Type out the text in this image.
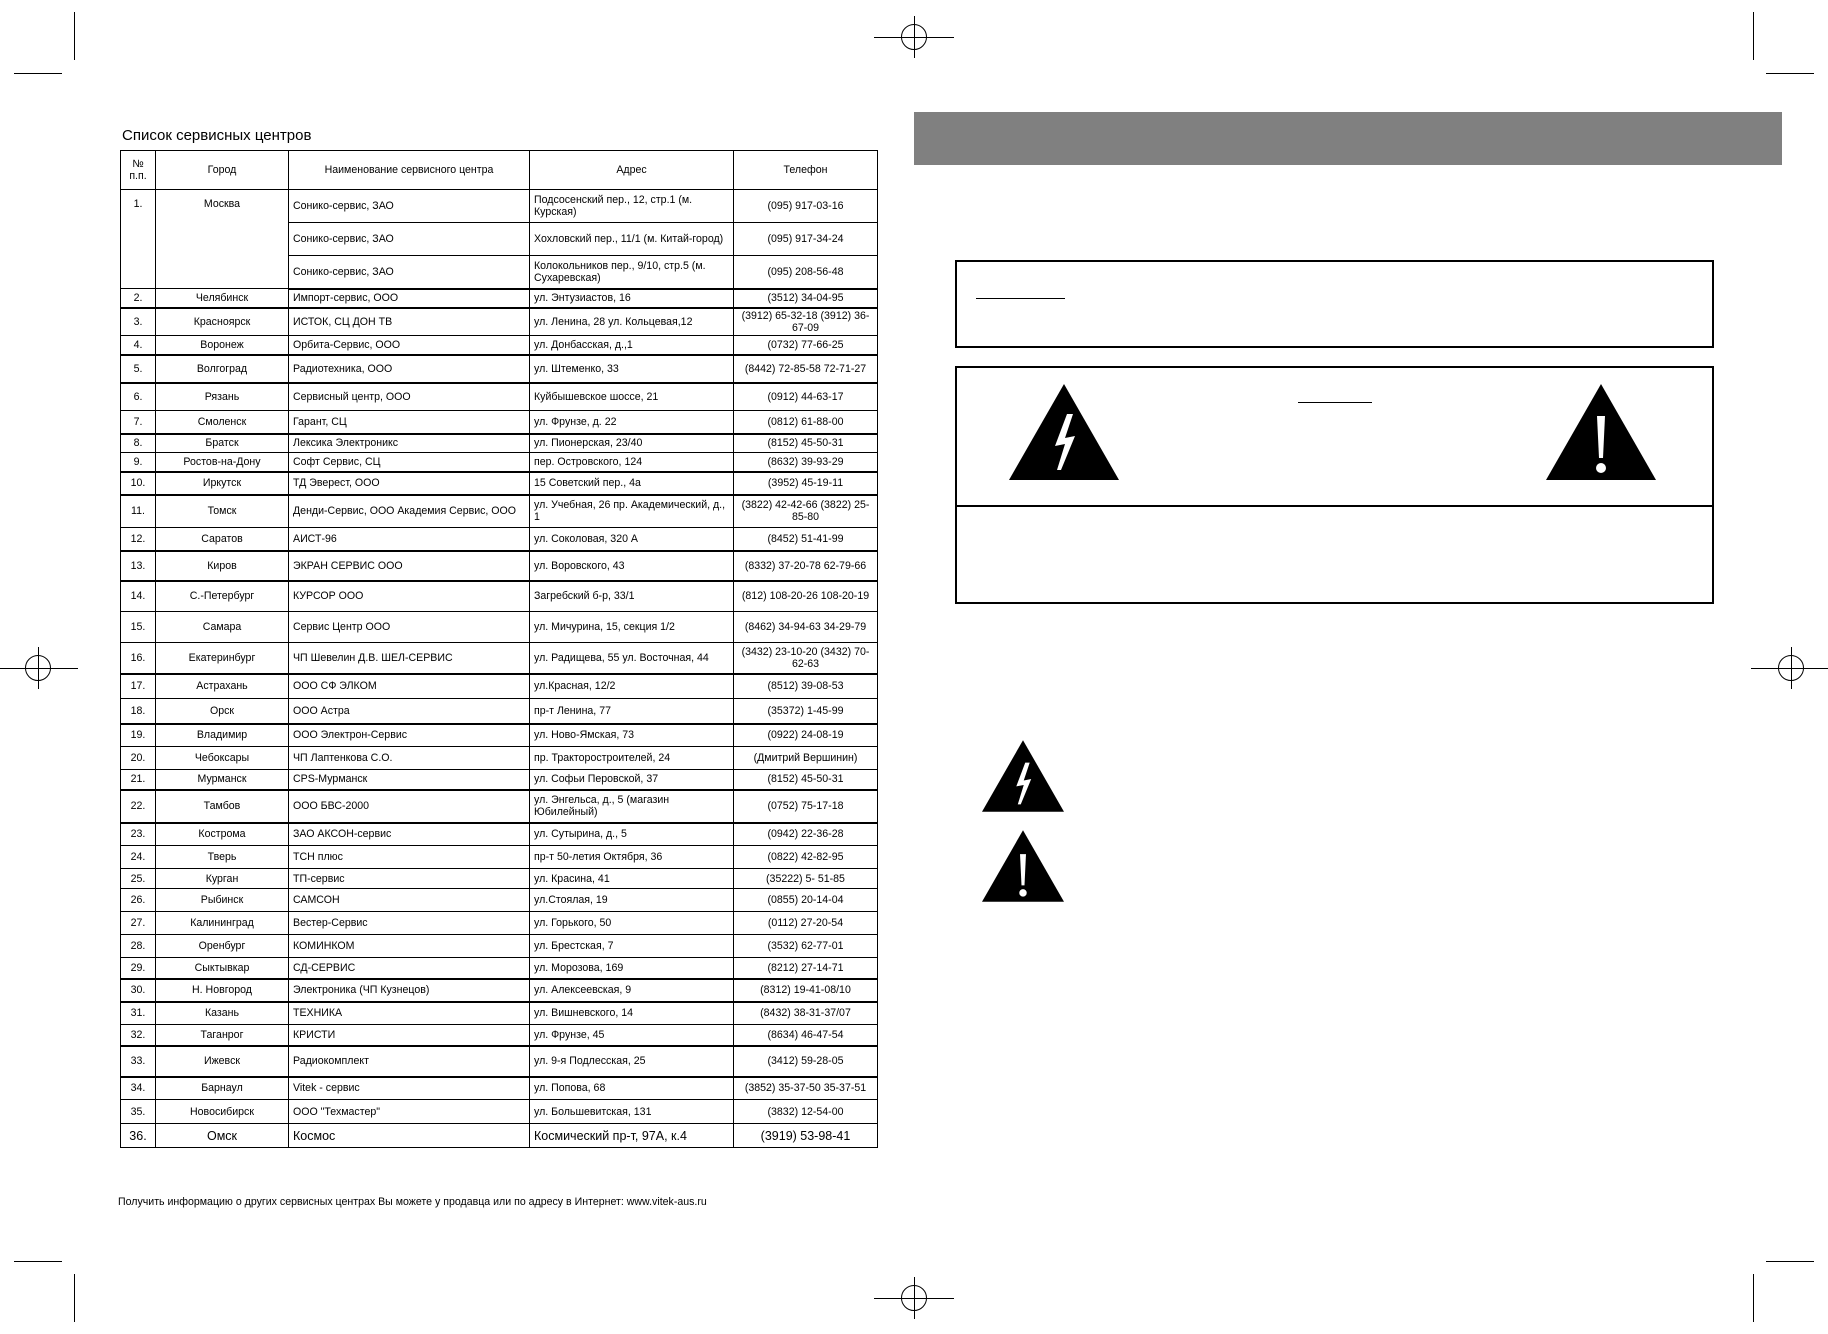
Список сервисных центров
№ п.п.	Город	Наименование сервисного центра	Адрес	Телефон
1.	Москва	Сонико-сервис, ЗАО	Подсосенский пер., 12, стр.1 (м. Курская)	(095) 917-03-16
		Сонико-сервис, ЗАО	Хохловский пер., 11/1 (м. Китай-город)	(095) 917-34-24
		Сонико-сервис, ЗАО	Колокольников пер., 9/10, стр.5 (м. Сухаревская)	(095) 208-56-48
2.	Челябинск	Импорт-сервис, ООО	ул. Энтузиастов, 16	(3512) 34-04-95
3.	Красноярск	ИСТОК, СЦ ДОН ТВ	ул. Ленина, 28 ул. Кольцевая,12	(3912) 65-32-18 (3912) 36-67-09
4.	Воронеж	Орбита-Сервис, ООО	ул. Донбасская, д.,1	(0732) 77-66-25
5.	Волгоград	Радиотехника, ООО	ул. Штеменко, 33	(8442) 72-85-58 72-71-27
6.	Рязань	Сервисный центр, ООО	Куйбышевское шоссе, 21	(0912) 44-63-17
7.	Смоленск	Гарант, СЦ	ул. Фрунзе, д. 22	(0812) 61-88-00
8.	Братск	Лексика Электроникс	ул. Пионерская, 23/40	(8152) 45-50-31
9.	Ростов-на-Дону	Софт Сервис, СЦ	пер. Островского, 124	(8632) 39-93-29
10.	Иркутск	ТД Эверест, ООО	15 Советский пер., 4а	(3952) 45-19-11
11.	Томск	Денди-Сервис, ООО Академия Сервис, ООО	ул. Учебная, 26 пр. Академический, д., 1	(3822) 42-42-66 (3822) 25-85-80
12.	Саратов	АИСТ-96	ул. Соколовая, 320 А	(8452) 51-41-99
13.	Киров	ЭКРАН СЕРВИС ООО	ул. Воровского, 43	(8332) 37-20-78 62-79-66
14.	С.-Петербург	КУРСОР ООО	Загребский б-р, 33/1	(812) 108-20-26 108-20-19
15.	Самара	Сервис Центр ООО	ул. Мичурина, 15, секция 1/2	(8462) 34-94-63 34-29-79
16.	Екатеринбург	ЧП Шевелин Д.В. ШЕЛ-СЕРВИС	ул. Радищева, 55 ул. Восточная, 44	(3432) 23-10-20 (3432) 70-62-63
17.	Астрахань	ООО СФ ЭЛКОМ	ул.Красная, 12/2	(8512) 39-08-53
18.	Орск	ООО Астра	пр-т Ленина, 77	(35372) 1-45-99
19.	Владимир	ООО Электрон-Сервис	ул. Ново-Ямская, 73	(0922) 24-08-19
20.	Чебоксары	ЧП Лаптенкова С.О.	пр. Тракторостроителей, 24	(Дмитрий Вершинин)
21.	Мурманск	CPS-Мурманск	ул. Софьи Перовской, 37	(8152) 45-50-31
22.	Тамбов	ООО БВС-2000	ул. Энгельса, д., 5 (магазин Юбилейный)	(0752) 75-17-18
23.	Кострома	ЗАО АКСОН-сервис	ул. Сутырина, д., 5	(0942) 22-36-28
24.	Тверь	ТСН плюс	пр-т 50-летия Октября, 36	(0822) 42-82-95
25.	Курган	ТП-сервис	ул. Красина, 41	(35222) 5- 51-85
26.	Рыбинск	САМСОН	ул.Стоялая, 19	(0855) 20-14-04
27.	Калининград	Вестер-Сервис	ул. Горького, 50	(0112) 27-20-54
28.	Оренбург	КОМИНКОМ	ул. Брестская, 7	(3532) 62-77-01
29.	Сыктывкар	СД-СЕРВИС	ул. Морозова, 169	(8212) 27-14-71
30.	Н. Новгород	Электроника (ЧП Кузнецов)	ул. Алексеевская, 9	(8312) 19-41-08/10
31.	Казань	ТЕХНИКА	ул. Вишневского, 14	(8432) 38-31-37/07
32.	Таганрог	КРИСТИ	ул. Фрунзе, 45	(8634) 46-47-54
33.	Ижевск	Радиокомплект	ул. 9-я Подлесская, 25	(3412) 59-28-05
34.	Барнаул	Vitek - сервис	ул. Попова, 68	(3852) 35-37-50 35-37-51
35.	Новосибирск	ООО "Техмастер"	ул. Большевитская, 131	(3832) 12-54-00
36.	Омск	Космос	Космический пр-т, 97А, к.4	(3919) 53-98-41
Получить информацию о других сервисных центрах Вы можете у продавца или по адресу в Интернет: www.vitek-aus.ru
